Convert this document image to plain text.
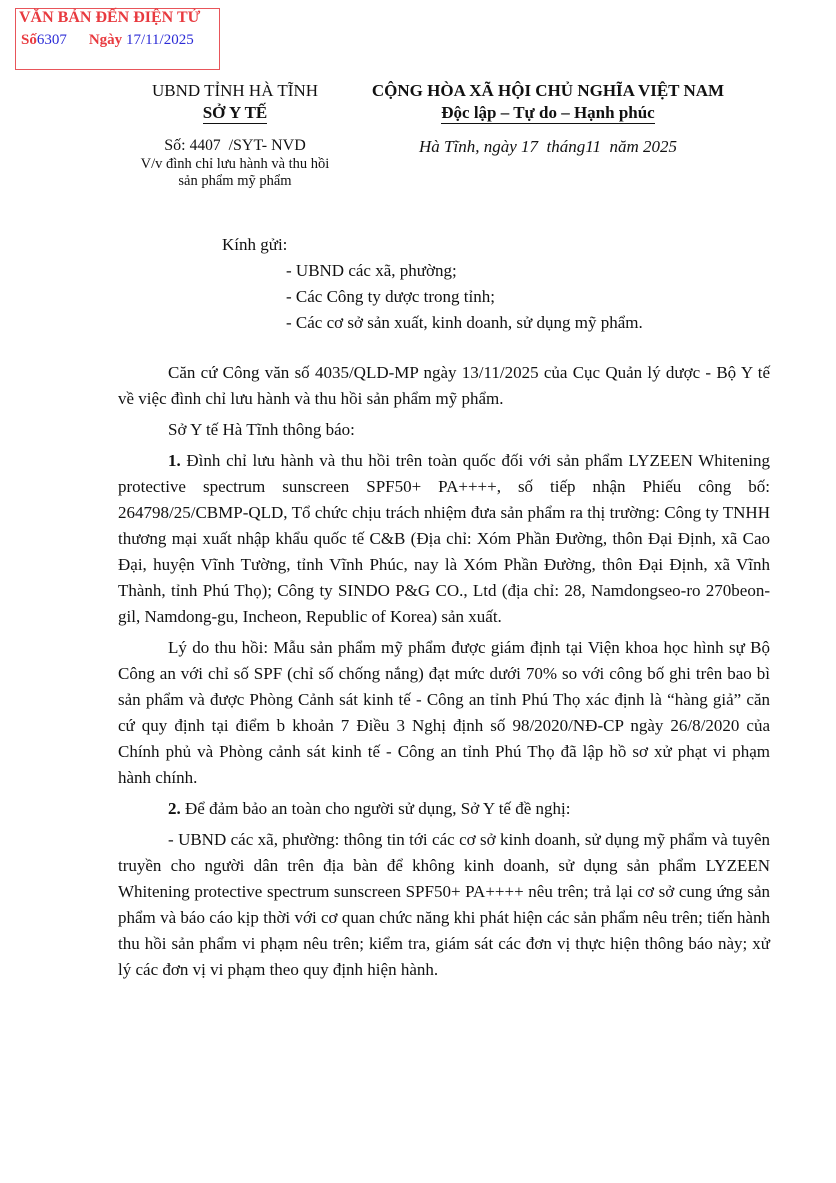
VĂN BẢN ĐẾN ĐIỆN TỬ
Số6307 Ngày 17/11/2025
UBND TỈNH HÀ TĨNH
SỞ Y TẾ
Số: 4407 /SYT- NVD
V/v đình chỉ lưu hành và thu hồi
sản phẩm mỹ phẩm
CỘNG HÒA XÃ HỘI CHỦ NGHĨA VIỆT NAM
Độc lập – Tự do – Hạnh phúc
Hà Tĩnh, ngày 17 tháng11 năm 2025
Kính gửi:
- UBND các xã, phường;
- Các Công ty dược trong tỉnh;
- Các cơ sở sản xuất, kinh doanh, sử dụng mỹ phẩm.

Căn cứ Công văn số 4035/QLD-MP ngày 13/11/2025 của Cục Quản lý dược - Bộ Y tế về việc đình chỉ lưu hành và thu hồi sản phẩm mỹ phẩm.

Sở Y tế Hà Tĩnh thông báo:

1. Đình chỉ lưu hành và thu hồi trên toàn quốc đối với sản phẩm LYZEEN Whitening protective spectrum sunscreen SPF50+ PA++++, số tiếp nhận Phiếu công bố: 264798/25/CBMP-QLD, Tổ chức chịu trách nhiệm đưa sản phẩm ra thị trường: Công ty TNHH thương mại xuất nhập khẩu quốc tế C&B (Địa chỉ: Xóm Phần Đường, thôn Đại Định, xã Cao Đại, huyện Vĩnh Tường, tỉnh Vĩnh Phúc, nay là Xóm Phần Đường, thôn Đại Định, xã Vĩnh Thành, tỉnh Phú Thọ); Công ty SINDO P&G CO., Ltd (địa chỉ: 28, Namdongseo-ro 270beon-gil, Namdong-gu, Incheon, Republic of Korea) sản xuất.

Lý do thu hồi: Mẫu sản phẩm mỹ phẩm được giám định tại Viện khoa học hình sự Bộ Công an với chỉ số SPF (chỉ số chống nắng) đạt mức dưới 70% so với công bố ghi trên bao bì sản phẩm và được Phòng Cảnh sát kinh tế - Công an tỉnh Phú Thọ xác định là “hàng giả” căn cứ quy định tại điểm b khoản 7 Điều 3 Nghị định số 98/2020/NĐ-CP ngày 26/8/2020 của Chính phủ và Phòng cảnh sát kinh tế - Công an tỉnh Phú Thọ đã lập hồ sơ xử phạt vi phạm hành chính.

2. Để đảm bảo an toàn cho người sử dụng, Sở Y tế đề nghị:

- UBND các xã, phường: thông tin tới các cơ sở kinh doanh, sử dụng mỹ phẩm và tuyên truyền cho người dân trên địa bàn để không kinh doanh, sử dụng sản phẩm LYZEEN Whitening protective spectrum sunscreen SPF50+ PA++++ nêu trên; trả lại cơ sở cung ứng sản phẩm và báo cáo kịp thời với cơ quan chức năng khi phát hiện các sản phẩm nêu trên; tiến hành thu hồi sản phẩm vi phạm nêu trên; kiểm tra, giám sát các đơn vị thực hiện thông báo này; xử lý các đơn vị vi phạm theo quy định hiện hành.
